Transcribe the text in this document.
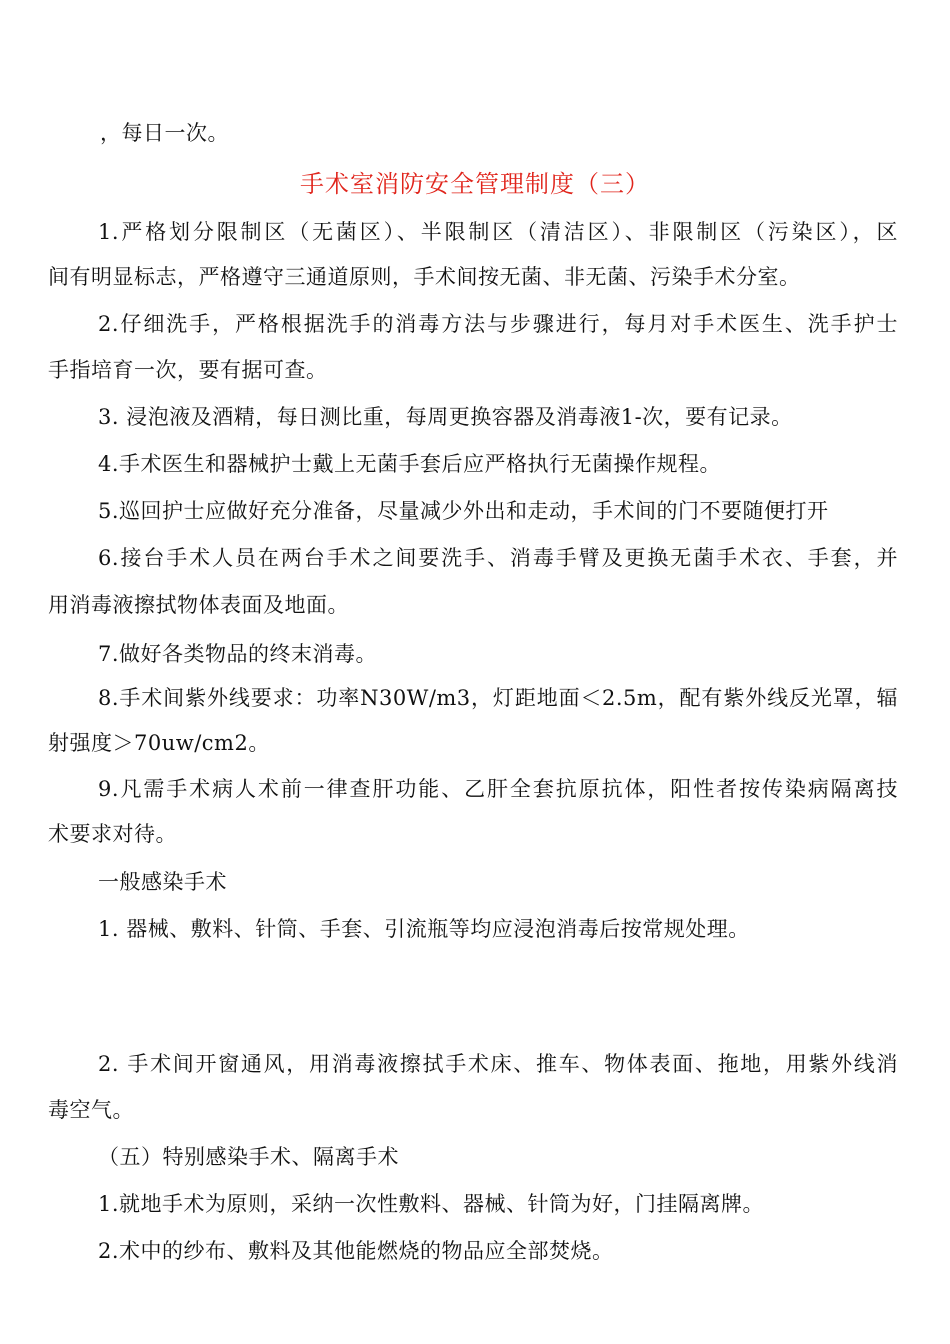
，每日一次。
手术室消防安全管理制度（三）
1.严格划分限制区（无菌区）、半限制区（清洁区）、非限制区（污染区），区
间有明显标志，严格遵守三通道原则，手术间按无菌、非无菌、污染手术分室。
2.仔细洗手，严格根据洗手的消毒方法与步骤进行，每月对手术医生、洗手护士
手指培育一次，要有据可查。
3. 浸泡液及酒精，每日测比重，每周更换容器及消毒液1-次，要有记录。
4.手术医生和器械护士戴上无菌手套后应严格执行无菌操作规程。
5.巡回护士应做好充分准备，尽量减少外出和走动，手术间的门不要随便打开
6.接台手术人员在两台手术之间要洗手、消毒手臂及更换无菌手术衣、手套，并
用消毒液擦拭物体表面及地面。
7.做好各类物品的终末消毒。
8.手术间紫外线要求：功率N30W/m3，灯距地面＜2.5m，配有紫外线反光罩，辐
射强度＞70uw/cm2。
9.凡需手术病人术前一律查肝功能、乙肝全套抗原抗体，阳性者按传染病隔离技
术要求对待。
一般感染手术
1. 器械、敷料、针筒、手套、引流瓶等均应浸泡消毒后按常规处理。
2. 手术间开窗通风，用消毒液擦拭手术床、推车、物体表面、拖地，用紫外线消
毒空气。
（五）特别感染手术、隔离手术
1.就地手术为原则，采纳一次性敷料、器械、针筒为好，门挂隔离牌。
2.术中的纱布、敷料及其他能燃烧的物品应全部焚烧。
